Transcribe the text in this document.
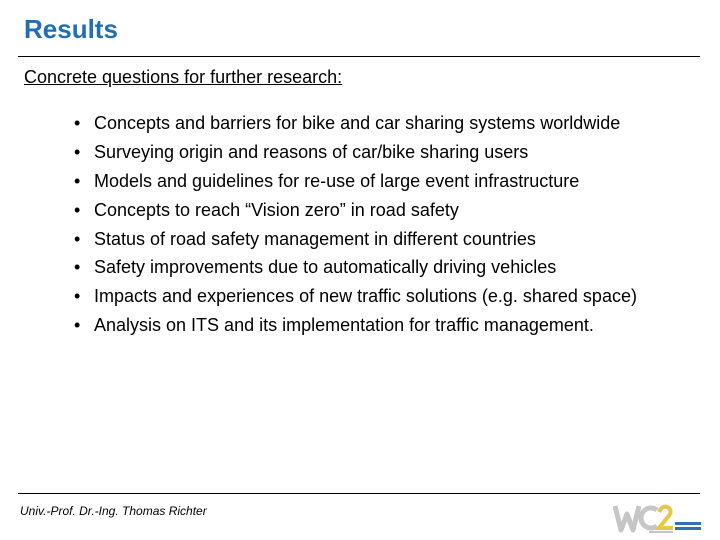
Results
Concrete questions for further research:
• Concepts and barriers for bike and car sharing systems worldwide
• Surveying origin and reasons of car/bike sharing users
• Models and guidelines for re-use of large event infrastructure
• Concepts to reach “Vision zero” in road safety
• Status of road safety management in different countries
• Safety improvements due to automatically driving vehicles
• Impacts and experiences of new traffic solutions (e.g. shared space)
• Analysis on ITS and its implementation for traffic management.
Univ.-Prof. Dr.-Ing. Thomas Richter
